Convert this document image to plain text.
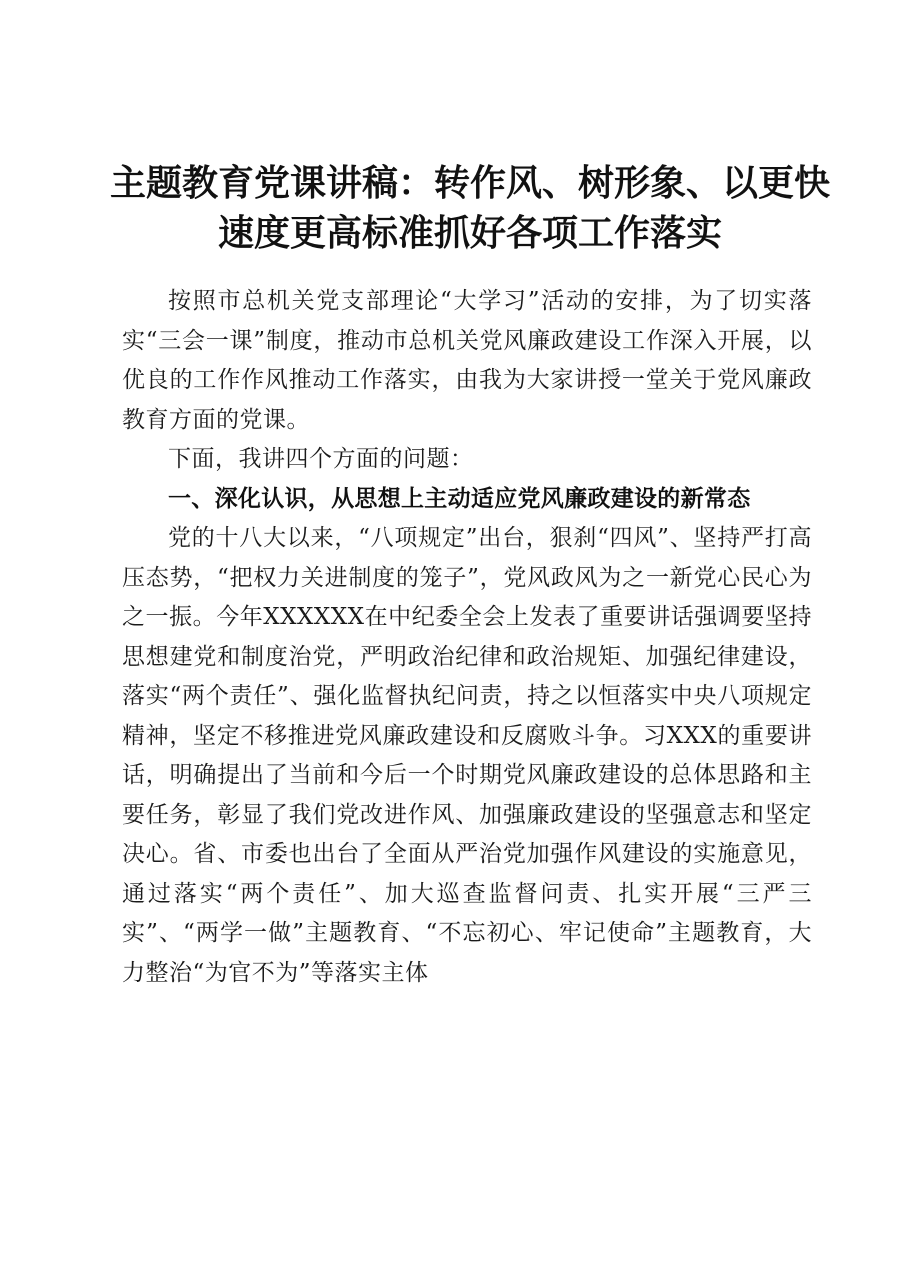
主题教育党课讲稿：转作风、树形象、以更快速度更高标准抓好各项工作落实

按照市总机关党支部理论“大学习”活动的安排，为了切实落实“三会一课”制度，推动市总机关党风廉政建设工作深入开展，以优良的工作作风推动工作落实，由我为大家讲授一堂关于党风廉政教育方面的党课。

下面，我讲四个方面的问题：

一、深化认识，从思想上主动适应党风廉政建设的新常态

党的十八大以来，“八项规定”出台，狠刹“四风”、坚持严打高压态势，“把权力关进制度的笼子”，党风政风为之一新党心民心为之一振。今年XXXXXX在中纪委全会上发表了重要讲话强调要坚持思想建党和制度治党，严明政治纪律和政治规矩、加强纪律建设，落实“两个责任”、强化监督执纪问责，持之以恒落实中央八项规定精神，坚定不移推进党风廉政建设和反腐败斗争。习XXX的重要讲话，明确提出了当前和今后一个时期党风廉政建设的总体思路和主要任务，彰显了我们党改进作风、加强廉政建设的坚强意志和坚定决心。省、市委也出台了全面从严治党加强作风建设的实施意见，通过落实“两个责任”、加大巡查监督问责、扎实开展“三严三实”、“两学一做”主题教育、“不忘初心、牢记使命”主题教育，大力整治“为官不为”等落实主体
